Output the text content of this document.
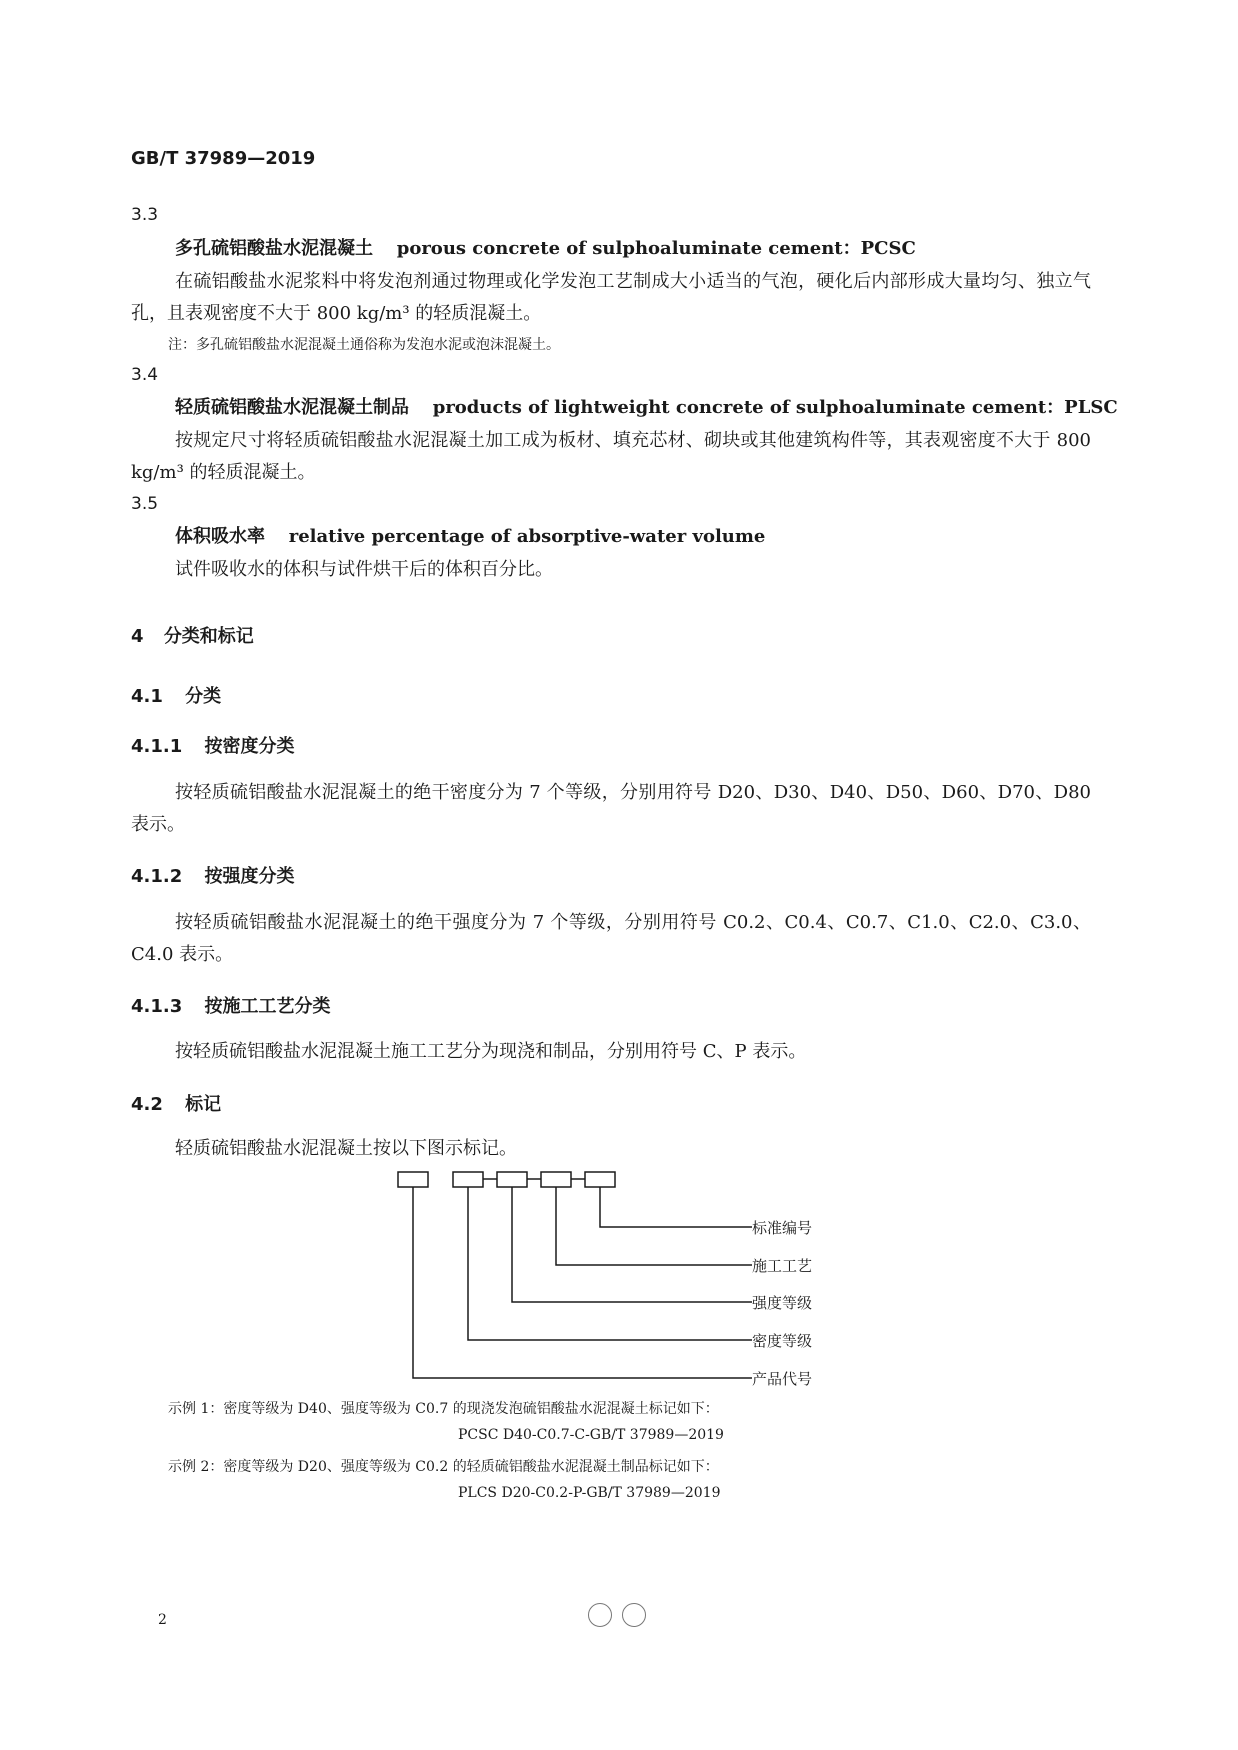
GB/T 37989—2019
3.3
多孔硫铝酸盐水泥混凝土 porous concrete of sulphoaluminate cement：PCSC
在硫铝酸盐水泥浆料中将发泡剂通过物理或化学发泡工艺制成大小适当的气泡，硬化后内部形成大量均匀、独立气孔，且表观密度不大于 800 kg/m³ 的轻质混凝土。
注：多孔硫铝酸盐水泥混凝土通俗称为发泡水泥或泡沫混凝土。
3.4
轻质硫铝酸盐水泥混凝土制品 products of lightweight concrete of sulphoaluminate cement：PLSC
按规定尺寸将轻质硫铝酸盐水泥混凝土加工成为板材、填充芯材、砌块或其他建筑构件等，其表观密度不大于 800 kg/m³ 的轻质混凝土。
3.5
体积吸水率 relative percentage of absorptive-water volume
试件吸收水的体积与试件烘干后的体积百分比。
4 分类和标记
4.1 分类
4.1.1 按密度分类
按轻质硫铝酸盐水泥混凝土的绝干密度分为 7 个等级，分别用符号 D20、D30、D40、D50、D60、D70、D80 表示。
4.1.2 按强度分类
按轻质硫铝酸盐水泥混凝土的绝干强度分为 7 个等级，分别用符号 C0.2、C0.4、C0.7、C1.0、C2.0、C3.0、C4.0 表示。
4.1.3 按施工工艺分类
按轻质硫铝酸盐水泥混凝土施工工艺分为现浇和制品，分别用符号 C、P 表示。
4.2 标记
轻质硫铝酸盐水泥混凝土按以下图示标记。
标准编号
施工工艺
强度等级
密度等级
产品代号
示例 1：密度等级为 D40、强度等级为 C0.7 的现浇发泡硫铝酸盐水泥混凝土标记如下：
PCSC D40-C0.7-C-GB/T 37989—2019
示例 2：密度等级为 D20、强度等级为 C0.2 的轻质硫铝酸盐水泥混凝土制品标记如下：
PLCS D20-C0.2-P-GB/T 37989—2019
2
